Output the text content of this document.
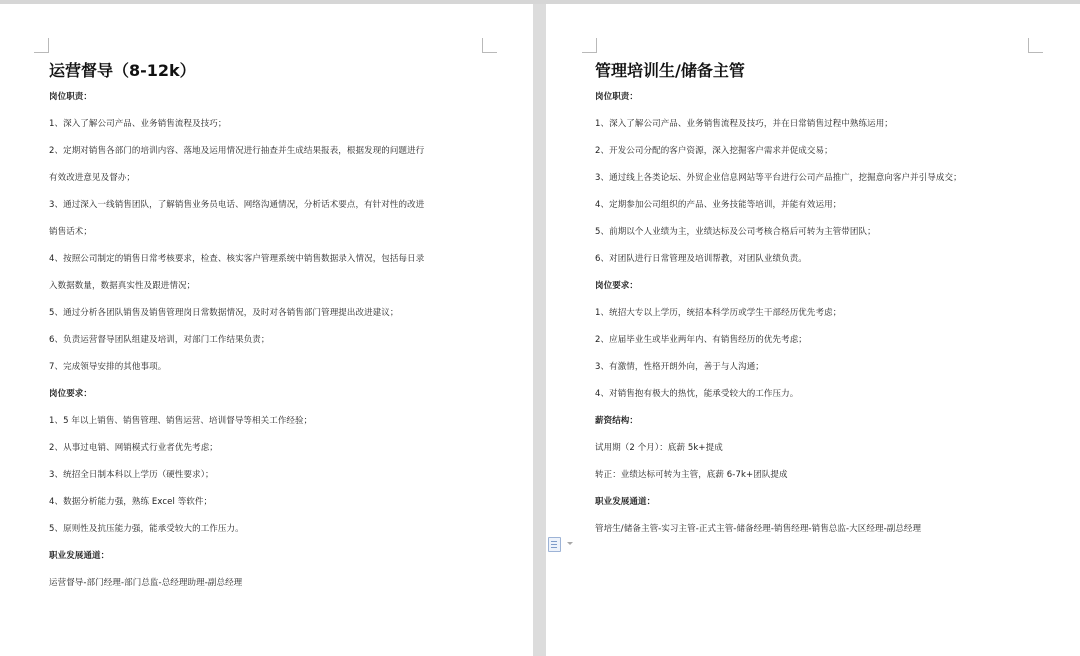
运营督导（8-12k）
岗位职责：
1、深入了解公司产品、业务销售流程及技巧；
2、定期对销售各部门的培训内容、落地及运用情况进行抽查并生成结果报表，根据发现的问题进行
有效改进意见及督办；
3、通过深入一线销售团队，了解销售业务员电话、网络沟通情况，分析话术要点，有针对性的改进
销售话术；
4、按照公司制定的销售日常考核要求，检查、核实客户管理系统中销售数据录入情况，包括每日录
入数据数量，数据真实性及跟进情况；
5、通过分析各团队销售及销售管理岗日常数据情况，及时对各销售部门管理提出改进建议；
6、负责运营督导团队组建及培训，对部门工作结果负责；
7、完成领导安排的其他事项。
岗位要求：
1、5 年以上销售、销售管理、销售运营、培训督导等相关工作经验；
2、从事过电销、网销模式行业者优先考虑；
3、统招全日制本科以上学历（硬性要求）；
4、数据分析能力强，熟练 Excel 等软件；
5、原则性及抗压能力强，能承受较大的工作压力。
职业发展通道：
运营督导-部门经理-部门总监-总经理助理-副总经理
管理培训生/储备主管
岗位职责：
1、深入了解公司产品、业务销售流程及技巧，并在日常销售过程中熟练运用；
2、开发公司分配的客户资源，深入挖掘客户需求并促成交易；
3、通过线上各类论坛、外贸企业信息网站等平台进行公司产品推广，挖掘意向客户并引导成交；
4、定期参加公司组织的产品、业务技能等培训，并能有效运用；
5、前期以个人业绩为主，业绩达标及公司考核合格后可转为主管带团队；
6、对团队进行日常管理及培训帮教，对团队业绩负责。
岗位要求：
1、统招大专以上学历，统招本科学历或学生干部经历优先考虑；
2、应届毕业生或毕业两年内、有销售经历的优先考虑；
3、有激情，性格开朗外向，善于与人沟通；
4、对销售抱有极大的热忱，能承受较大的工作压力。
薪资结构：
试用期（2 个月）：底薪 5k+提成
转正：业绩达标可转为主管，底薪 6-7k+团队提成
职业发展通道：
管培生/储备主管-实习主管-正式主管-储备经理-销售经理-销售总监-大区经理-副总经理
